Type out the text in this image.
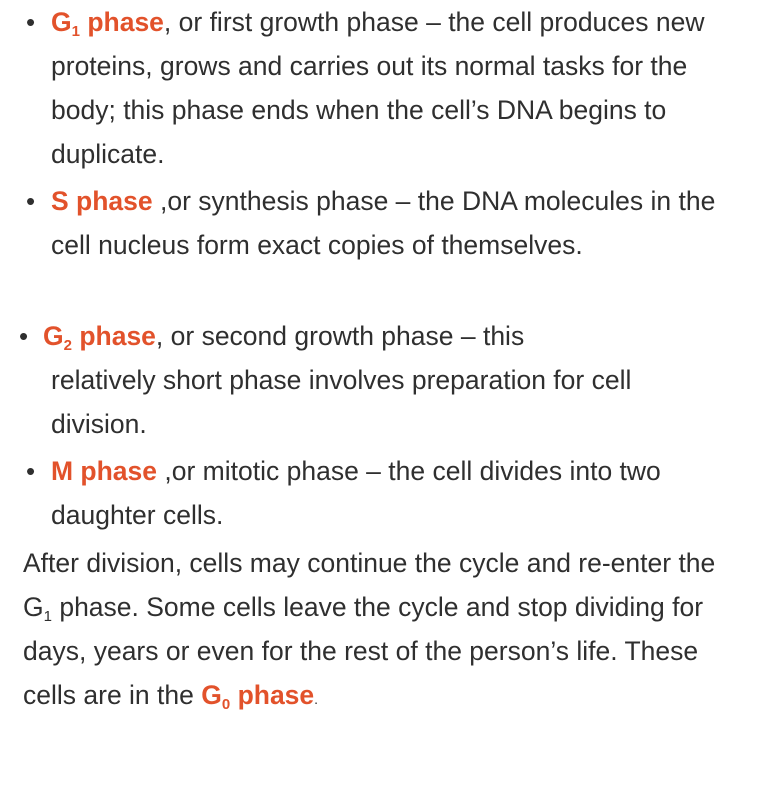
• $G_1$ phase, or first growth phase – the cell produces new proteins, grows and carries out its normal tasks for the body; this phase ends when the cell’s DNA begins to duplicate.
• S phase ,or synthesis phase – the DNA molecules in the cell nucleus form exact copies of themselves.
• $G_2$ phase, or second growth phase – this
relatively short phase involves preparation for cell division.
• M phase ,or mitotic phase – the cell divides into two daughter cells.
After division, cells may continue the cycle and re-enter the $G_1$ phase. Some cells leave the cycle and stop dividing for days, years or even for the rest of the person’s life. These cells are in the $G_0$ phase.
